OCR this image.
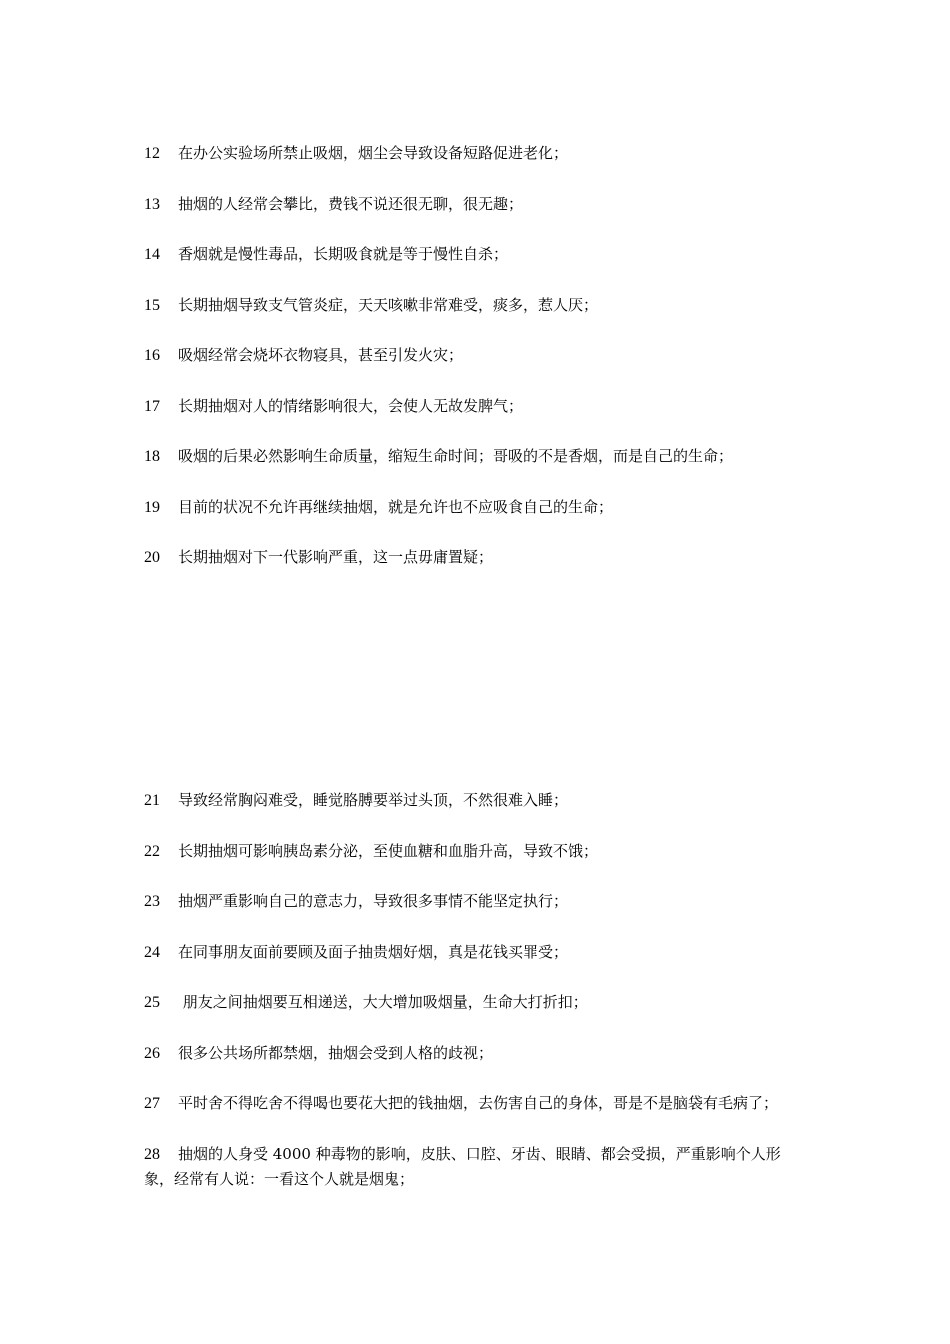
12 在办公实验场所禁止吸烟，烟尘会导致设备短路促进老化；

13 抽烟的人经常会攀比，费钱不说还很无聊，很无趣；

14 香烟就是慢性毒品，长期吸食就是等于慢性自杀；

15 长期抽烟导致支气管炎症，天天咳嗽非常难受，痰多，惹人厌；

16 吸烟经常会烧坏衣物寝具，甚至引发火灾；

17 长期抽烟对人的情绪影响很大，会使人无故发脾气；

18 吸烟的后果必然影响生命质量，缩短生命时间；哥吸的不是香烟，而是自己的生命；

19 目前的状况不允许再继续抽烟，就是允许也不应吸食自己的生命；

20 长期抽烟对下一代影响严重，这一点毋庸置疑；

21 导致经常胸闷难受，睡觉胳膊要举过头顶，不然很难入睡；

22 长期抽烟可影响胰岛素分泌，至使血糖和血脂升高，导致不饿；

23 抽烟严重影响自己的意志力，导致很多事情不能坚定执行；

24 在同事朋友面前要顾及面子抽贵烟好烟，真是花钱买罪受；

25 朋友之间抽烟要互相递送，大大增加吸烟量，生命大打折扣；

26 很多公共场所都禁烟，抽烟会受到人格的歧视；

27 平时舍不得吃舍不得喝也要花大把的钱抽烟，去伤害自己的身体，哥是不是脑袋有毛病了；

28 抽烟的人身受 4000 种毒物的影响，皮肤、口腔、牙齿、眼睛、都会受损，严重影响个人形象，经常有人说：一看这个人就是烟鬼；
